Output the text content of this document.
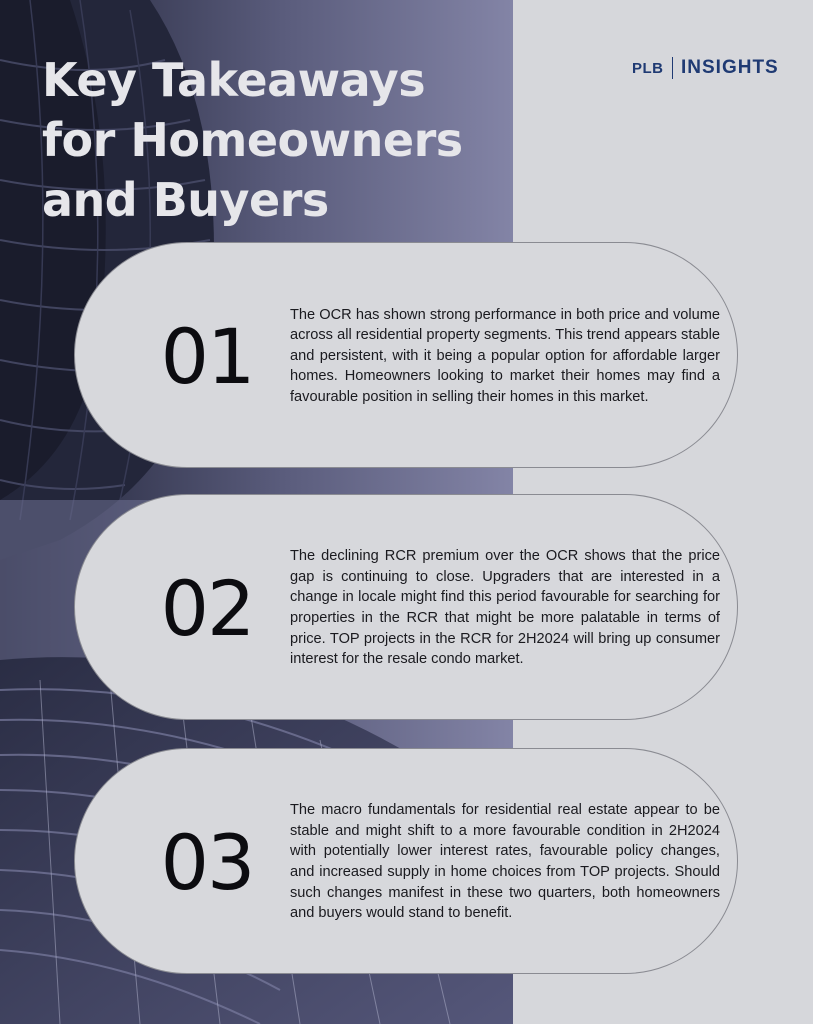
Key Takeaways
for Homeowners
and Buyers
PLB INSIGHTS
01	The OCR has shown strong performance in both price and volume across all residential property segments. This trend appears stable and persistent, with it being a popular option for affordable larger homes. Homeowners looking to market their homes may find a favourable position in selling their homes in this market.

02

The declining RCR premium over the OCR shows that the price gap is continuing to close. Upgraders that are interested in a change in locale might find this period favourable for searching for properties in the RCR that might be more palatable in terms of price. TOP projects in the RCR for 2H2024 will bring up consumer interest for the resale condo market.

03

The macro fundamentals for residential real estate appear to be stable and might shift to a more favourable condition in 2H2024 with potentially lower interest rates, favourable policy changes, and increased supply in home choices from TOP projects. Should such changes manifest in these two quarters, both homeowners and buyers would stand to benefit.
